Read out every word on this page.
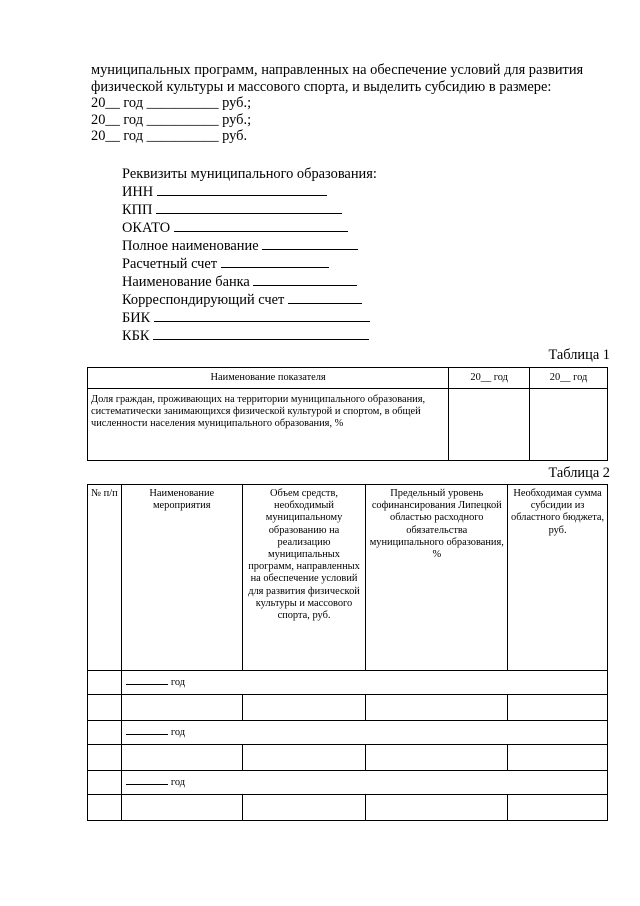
муниципальных программ, направленных на обеспечение условий для развития
физической культуры и массового спорта, и выделить субсидию в размере:
20__ год __________ руб.;
20__ год __________ руб.;
20__ год __________ руб.
Реквизиты муниципального образования:
ИНН
КПП
ОКАТО
Полное наименование
Расчетный счет
Наименование банка
Корреспондирующий счет
БИК
КБК
Таблица 1
Наименование показателя	20__ год	20__ год
Доля граждан, проживающих на территории муниципального образования, систематически занимающихся физической культурой и спортом, в общей численности населения муниципального образования, %		
Таблица 2
№ п/п	Наименование мероприятия	Объем средств, необходимый муниципальному образованию на реализацию муниципальных программ, направленных на обеспечение условий для развития физической культуры и массового спорта, руб.	Предельный уровень софинансирования Липецкой областью расходного обязательства муниципального образования, %	Необходимая сумма субсидии из областного бюджета, руб.
	год			

	год			

	год			
